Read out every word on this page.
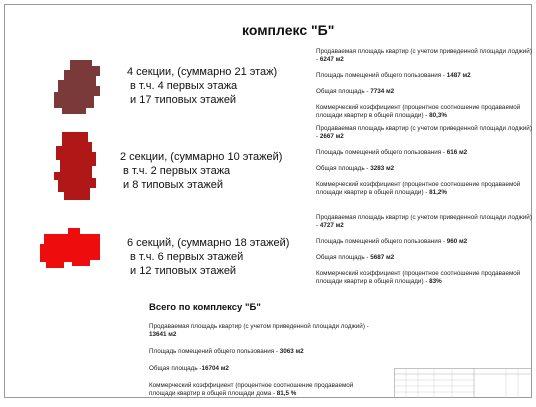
комплекс "Б"
4 секции, (суммарно 21 этаж)
в т.ч. 4 первых этажа
и 17 типовых этажей
Продаваемая площадь квартир (с учетом приведенной площади лоджий) - 6247 м2
Площадь помещений общего пользования - 1487 м2
Общая площадь - 7734 м2
Коммерческий коэффициент (процентное соотношение продаваемой площади квартир в общей площади) - 80,3%
2 секции, (суммарно 10 этажей)
в т.ч. 2 первых этажа
и 8 типовых этажей
Продаваемая площадь квартир (с учетом приведенной площади лоджий) - 2667 м2
Площадь помещений общего пользования - 616 м2
Общая площадь - 3283 м2
Коммерческий коэффициент (процентное соотношение продаваемой площади квартир в общей площади) - 81,2%
6 секций, (суммарно 18 этажей)
в т.ч. 6 первых этажей
и 12 типовых этажей
Продаваемая площадь квартир (с учетом приведенной площади лоджий) - 4727 м2
Площадь помещений общего пользования - 960 м2
Общая площадь - 5687 м2
Коммерческий коэффициент (процентное соотношение продаваемой площади квартир в общей площади) - 83%
Всего по комплексу "Б"
Продаваемая площадь квартир (с учетом приведенной площади лоджий) - 13641 м2
Площадь помещений общего пользования - 3063 м2
Общая площадь -16704 м2
Коммерческий коэффициент (процентное соотношение продаваемой площади квартир в общей площади дома - 81,5 %
